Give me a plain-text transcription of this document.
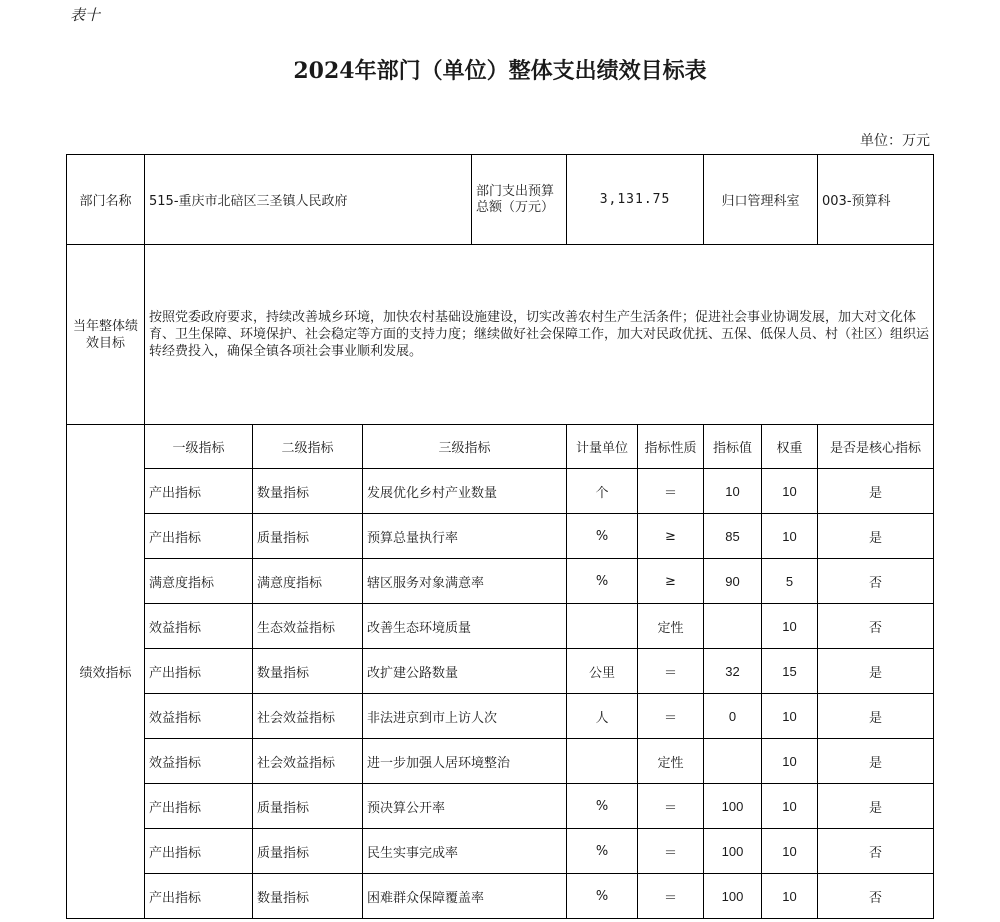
表十
2024年部门（单位）整体支出绩效目标表
单位：万元
部门名称	515-重庆市北碚区三圣镇人民政府			部门支出预算总额（万元）	3,131.75		归口管理科室		003-预算科
当年整体绩效目标	按照党委政府要求，持续改善城乡环境，加快农村基础设施建设，切实改善农村生产生活条件；促进社会事业协调发展，加大对文化体育、卫生保障、环境保护、社会稳定等方面的支持力度；继续做好社会保障工作，加大对民政优抚、五保、低保人员、村（社区）组织运转经费投入，确保全镇各项社会事业顺利发展。								
绩效指标	一级指标	二级指标	三级指标		计量单位	指标性质	指标值	权重	是否是核心指标
	产出指标	数量指标	发展优化乡村产业数量		个	＝	10	10	是
	产出指标	质量指标	预算总量执行率		%	≥	85	10	是
	满意度指标	满意度指标	辖区服务对象满意率		%	≥	90	5	否
	效益指标	生态效益指标	改善生态环境质量			定性		10	否
	产出指标	数量指标	改扩建公路数量		公里	＝	32	15	是
	效益指标	社会效益指标	非法进京到市上访人次		人	＝	0	10	是
	效益指标	社会效益指标	进一步加强人居环境整治			定性		10	是
	产出指标	质量指标	预决算公开率		%	＝	100	10	是
	产出指标	质量指标	民生实事完成率		%	＝	100	10	否
	产出指标	数量指标	困难群众保障覆盖率		%	＝	100	10	否
